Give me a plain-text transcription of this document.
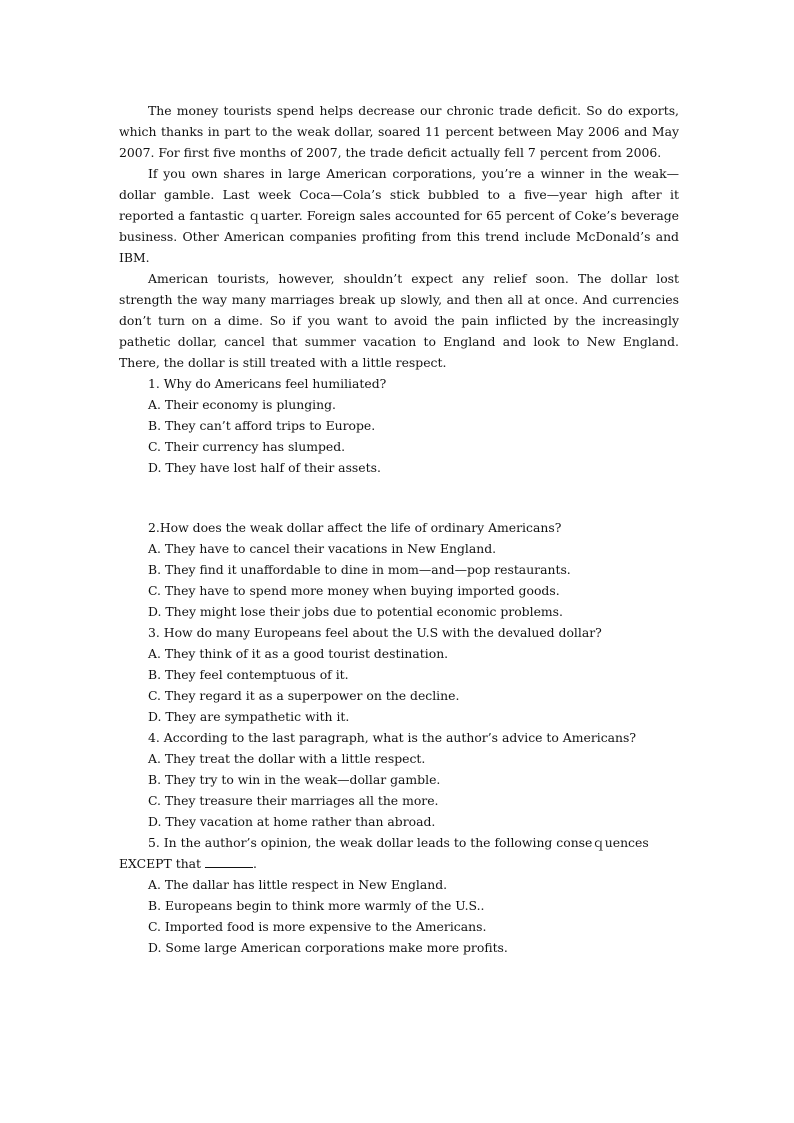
The money tourists spend helps decrease our chronic trade deficit. So do exports, which thanks in part to the weak dollar, soared 11 percent between May 2006 and May 2007. For first five months of 2007, the trade deficit actually fell 7 percent from 2006.

If you own shares in large American corporations, you’re a winner in the weak—dollar gamble. Last week Coca—Cola’s stick bubbled to a five—year high after it reported a fantastic ｑuarter. Foreign sales accounted for 65 percent of Coke’s beverage business. Other American companies profiting from this trend include McDonald’s and IBM.

American tourists, however, shouldn’t expect any relief soon. The dollar lost strength the way many marriages break up slowly, and then all at once. And currencies don’t turn on a dime. So if you want to avoid the pain inflicted by the increasingly pathetic dollar, cancel that summer vacation to England and look to New England. There, the dollar is still treated with a little respect.

1. Why do Americans feel humiliated?

A. Their economy is plunging.

B. They can’t afford trips to Europe.

C. Their currency has slumped.

D. They have lost half of their assets.

2.How does the weak dollar affect the life of ordinary Americans?

A. They have to cancel their vacations in New England.

B. They find it unaffordable to dine in mom—and—pop restaurants.

C. They have to spend more money when buying imported goods.

D. They might lose their jobs due to potential economic problems.

3. How do many Europeans feel about the U.S with the devalued dollar?

A. They think of it as a good tourist destination.

B. They feel contemptuous of it.

C. They regard it as a superpower on the decline.

D. They are sympathetic with it.

4. According to the last paragraph, what is the author’s advice to Americans?

A. They treat the dollar with a little respect.

B. They try to win in the weak—dollar gamble.

C. They treasure their marriages all the more.

D. They vacation at home rather than abroad.

5. In the author’s opinion, the weak dollar leads to the following conseｑuences EXCEPT that	.

A. The dallar has little respect in New England.

B. Europeans begin to think more warmly of the U.S..

C. Imported food is more expensive to the Americans.

D. Some large American corporations make more profits.
